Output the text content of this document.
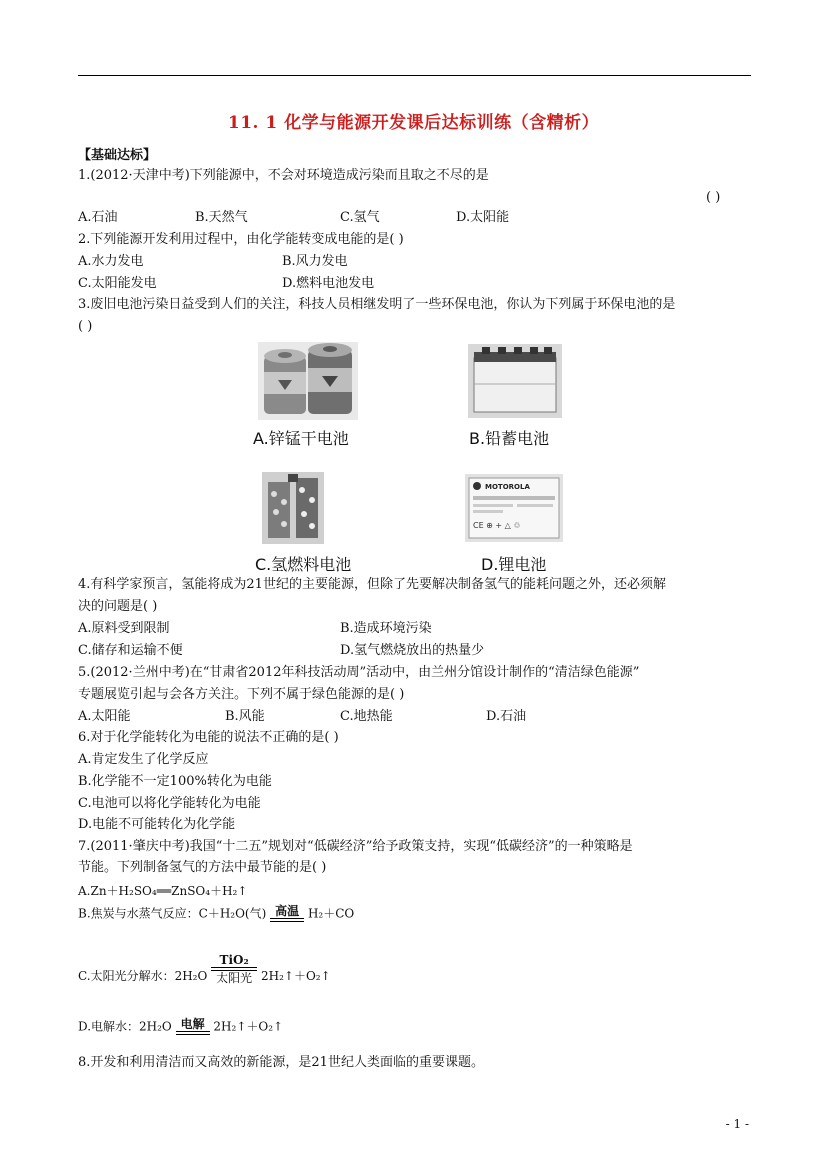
11. 1 化学与能源开发课后达标训练（含精析）
【基础达标】
1.(2012·天津中考)下列能源中，不会对环境造成污染而且取之不尽的是
( )
A.石油	B.天然气	C.氢气	D.太阳能
2.下列能源开发利用过程中，由化学能转变成电能的是( )
A.水力发电	B.风力发电
C.太阳能发电	D.燃料电池发电
3.废旧电池污染日益受到人们的关注，科技人员相继发明了一些环保电池，你认为下列属于环保电池的是
( )
A.锌锰干电池	B.铅蓄电池
C.氢燃料电池
MOTOROLA
CE ⊕ + △ ♲
D.锂电池
4.有科学家预言，氢能将成为21世纪的主要能源，但除了先要解决制备氢气的能耗问题之外，还必须解
决的问题是( )
A.原料受到限制	B.造成环境污染
C.储存和运输不便	D.氢气燃烧放出的热量少
5.(2012·兰州中考)在“甘肃省2012年科技活动周”活动中，由兰州分馆设计制作的“清洁绿色能源”
专题展览引起与会各方关注。下列不属于绿色能源的是( )
A.太阳能	B.风能	C.地热能	D.石油
6.对于化学能转化为电能的说法不正确的是( )
A.肯定发生了化学反应
B.化学能不一定100%转化为电能
C.电池可以将化学能转化为电能
D.电能不可能转化为化学能
7.(2011·肇庆中考)我国“十二五”规划对“低碳经济”给予政策支持，实现“低碳经济”的一种策略是
节能。下列制备氢气的方法中最节能的是( )
A.Zn＋H₂SO₄══ZnSO₄＋H₂↑
B.焦炭与水蒸气反应：C＋H₂O(气) 高温 H₂＋CO
C.太阳光分解水：2H₂O
TiO₂
太阳光 2H₂↑＋O₂↑
D.电解水：2H₂O 电解 2H₂↑＋O₂↑
8.开发和利用清洁而又高效的新能源，是21世纪人类面临的重要课题。
- 1 -
